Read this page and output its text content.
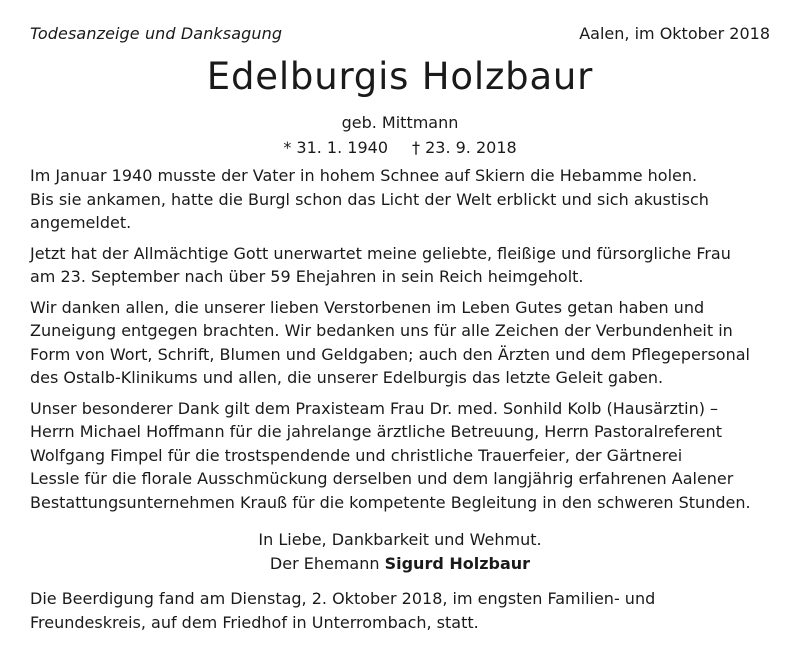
Todesanzeige und Danksagung	Aalen, im Oktober 2018
Edelburgis Holzbaur
geb. Mittmann
* 31. 1. 1940 † 23. 9. 2018

Im Januar 1940 musste der Vater in hohem Schnee auf Skiern die Hebamme holen.
Bis sie ankamen, hatte die Burgl schon das Licht der Welt erblickt und sich akustisch
angemeldet.

Jetzt hat der Allmächtige Gott unerwartet meine geliebte, fleißige und fürsorgliche Frau
am 23. September nach über 59 Ehejahren in sein Reich heimgeholt.

Wir danken allen, die unserer lieben Verstorbenen im Leben Gutes getan haben und
Zuneigung entgegen brachten. Wir bedanken uns für alle Zeichen der Verbundenheit in
Form von Wort, Schrift, Blumen und Geldgaben; auch den Ärzten und dem Pflegepersonal
des Ostalb-Klinikums und allen, die unserer Edelburgis das letzte Geleit gaben.

Unser besonderer Dank gilt dem Praxisteam Frau Dr. med. Sonhild Kolb (Hausärztin) –
Herrn Michael Hoffmann für die jahrelange ärztliche Betreuung, Herrn Pastoralreferent
Wolfgang Fimpel für die trostspendende und christliche Trauerfeier, der Gärtnerei
Lessle für die florale Ausschmückung derselben und dem langjährig erfahrenen Aalener
Bestattungsunternehmen Krauß für die kompetente Begleitung in den schweren Stunden.

In Liebe, Dankbarkeit und Wehmut.
Der Ehemann Sigurd Holzbaur

Die Beerdigung fand am Dienstag, 2. Oktober 2018, im engsten Familien- und
Freundeskreis, auf dem Friedhof in Unterrombach, statt.
